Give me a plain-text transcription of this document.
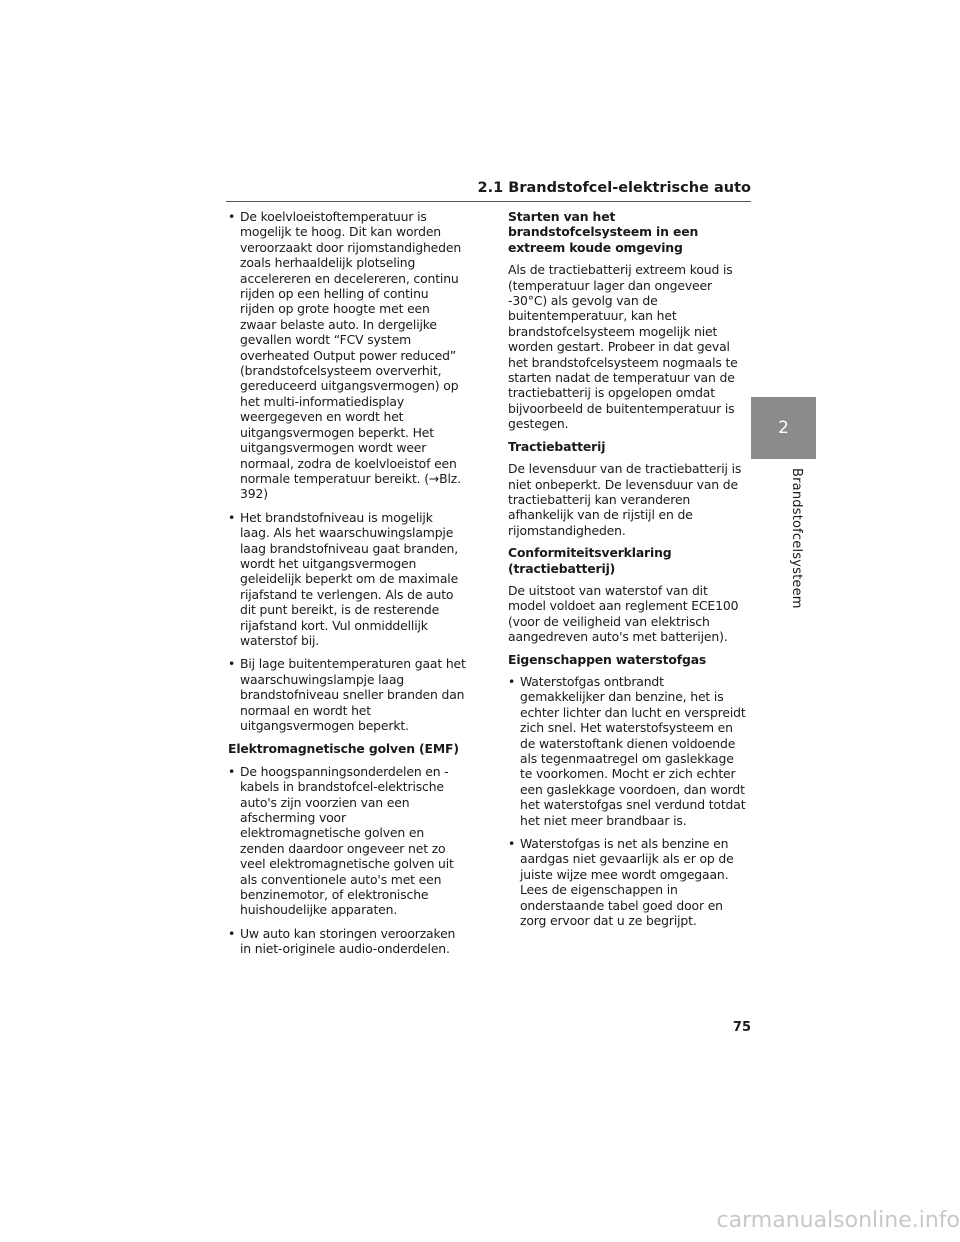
2.1 Brandstofcel-elektrische auto
• De koelvloeistoftemperatuur is mogelijk te hoog. Dit kan worden veroorzaakt door rijomstandigheden zoals herhaaldelijk plotseling accelereren en decelereren, continu rijden op een helling of continu rijden op grote hoogte met een zwaar belaste auto. In dergelijke gevallen wordt “FCV system overheated Output power reduced” (brandstofcelsysteem oververhit, gereduceerd uitgangsvermogen) op het multi-informatiedisplay weergegeven en wordt het uitgangsvermogen beperkt. Het uitgangsvermogen wordt weer normaal, zodra de koelvloeistof een normale temperatuur bereikt. (→Blz. 392)
• Het brandstofniveau is mogelijk laag. Als het waarschuwingslampje laag brandstofniveau gaat branden, wordt het uitgangsvermogen geleidelijk beperkt om de maximale rijafstand te verlengen. Als de auto dit punt bereikt, is de resterende rijafstand kort. Vul onmiddellijk waterstof bij.
• Bij lage buitentemperaturen gaat het waarschuwingslampje laag brandstofniveau sneller branden dan normaal en wordt het uitgangsvermogen beperkt.
Elektromagnetische golven (EMF)
• De hoogspanningsonderdelen en -kabels in brandstofcel-elektrische auto's zijn voorzien van een afscherming voor elektromagnetische golven en zenden daardoor ongeveer net zo veel elektromagnetische golven uit als conventionele auto's met een benzinemotor, of elektronische huishoudelijke apparaten.
• Uw auto kan storingen veroorzaken in niet-originele audio-onderdelen.
Starten van het brandstofcelsysteem in een extreem koude omgeving

Als de tractiebatterij extreem koud is (temperatuur lager dan ongeveer -30°C) als gevolg van de buitentemperatuur, kan het brandstofcelsysteem mogelijk niet worden gestart. Probeer in dat geval het brandstofcelsysteem nogmaals te starten nadat de temperatuur van de tractiebatterij is opgelopen omdat bijvoorbeeld de buitentemperatuur is gestegen.

Tractiebatterij

De levensduur van de tractiebatterij is niet onbeperkt. De levensduur van de tractiebatterij kan veranderen afhankelijk van de rijstijl en de rijomstandigheden.

Conformiteitsverklaring (tractiebatterij)

De uitstoot van waterstof van dit model voldoet aan reglement ECE100 (voor de veiligheid van elektrisch aangedreven auto's met batterijen).

Eigenschappen waterstofgas
• Waterstofgas ontbrandt gemakkelijker dan benzine, het is echter lichter dan lucht en verspreidt zich snel. Het waterstofsysteem en de waterstoftank dienen voldoende als tegenmaatregel om gaslekkage te voorkomen. Mocht er zich echter een gaslekkage voordoen, dan wordt het waterstofgas snel verdund totdat het niet meer brandbaar is.
• Waterstofgas is net als benzine en aardgas niet gevaarlijk als er op de juiste wijze mee wordt omgegaan. Lees de eigenschappen in onderstaande tabel goed door en zorg ervoor dat u ze begrijpt.
2
Brandstofcelsysteem
75
carmanualsonline.info
